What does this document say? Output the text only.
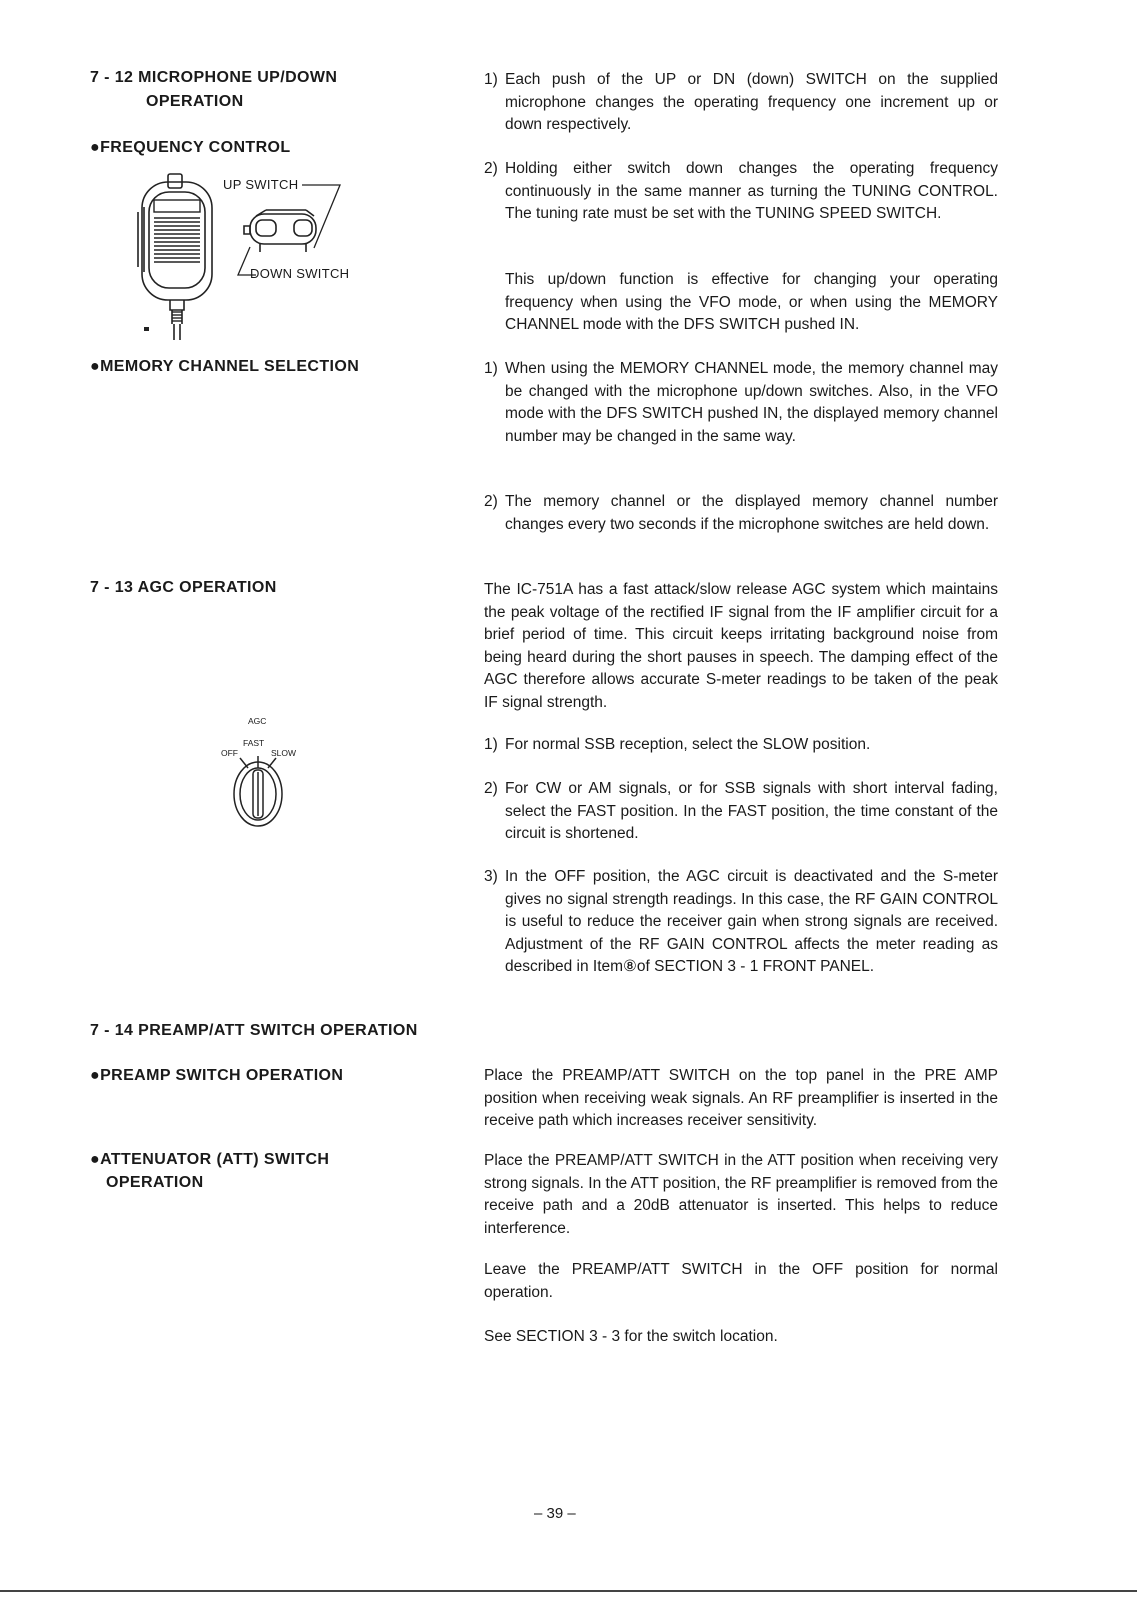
7 - 12 MICROPHONE UP/DOWN
OPERATION
●FREQUENCY CONTROL
UP SWITCH
DOWN SWITCH
1) Each push of the UP or DN (down) SWITCH on the supplied microphone changes the operating frequency one increment up or down respectively.
2) Holding either switch down changes the operating frequency continuously in the same manner as turning the TUNING CONTROL. The tuning rate must be set with the TUNING SPEED SWITCH.
This up/down function is effective for changing your operating frequency when using the VFO mode, or when using the MEMORY CHANNEL mode with the DFS SWITCH pushed IN.
●MEMORY CHANNEL SELECTION	1) When using the MEMORY CHANNEL mode, the memory channel may be changed with the microphone up/down switches. Also, in the VFO mode with the DFS SWITCH pushed IN, the displayed memory channel number may be changed in the same way.
2) The memory channel or the displayed memory channel number changes every two seconds if the microphone switches are held down.
7 - 13 AGC OPERATION	The IC-751A has a fast attack/slow release AGC system which maintains the peak voltage of the rectified IF signal from the IF amplifier circuit for a brief period of time. This circuit keeps irritating background noise from being heard during the short pauses in speech. The damping effect of the AGC therefore allows accurate S-meter readings to be taken of the peak IF signal strength.
AGC
FAST
OFF	SLOW	1) For normal SSB reception, select the SLOW position.
2) For CW or AM signals, or for SSB signals with short interval fading, select the FAST position. In the FAST position, the time constant of the circuit is shortened.
3) In the OFF position, the AGC circuit is deactivated and the S-meter gives no signal strength readings. In this case, the RF GAIN CONTROL is useful to reduce the receiver gain when strong signals are received. Adjustment of the RF GAIN CONTROL affects the meter reading as described in Item⑧of SECTION 3 - 1 FRONT PANEL.
7 - 14 PREAMP/ATT SWITCH OPERATION
●PREAMP SWITCH OPERATION	Place the PREAMP/ATT SWITCH on the top panel in the PRE AMP position when receiving weak signals. An RF preamplifier is inserted in the receive path which increases receiver sensitivity.
●ATTENUATOR (ATT) SWITCH
OPERATION
Place the PREAMP/ATT SWITCH in the ATT position when receiving very strong signals. In the ATT position, the RF preamplifier is removed from the receive path and a 20dB attenuator is inserted. This helps to reduce interference.
Leave the PREAMP/ATT SWITCH in the OFF position for normal operation.
See SECTION 3 - 3 for the switch location.
– 39 –
